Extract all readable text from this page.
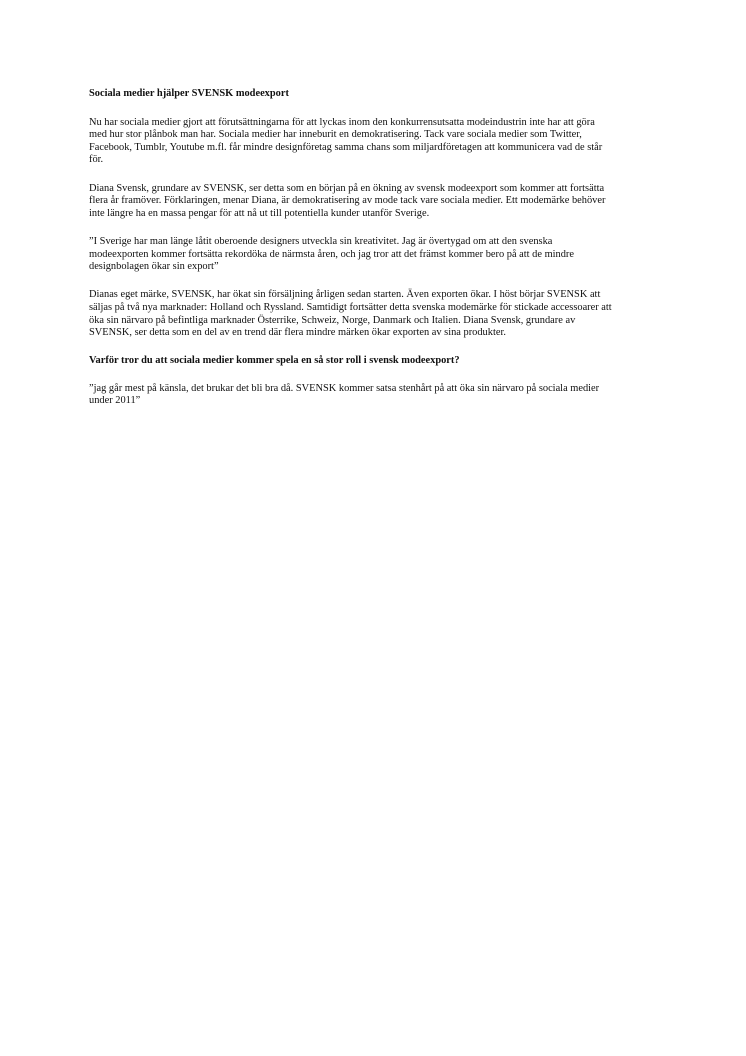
Sociala medier hjälper SVENSK modeexport

Nu har sociala medier gjort att förutsättningarna för att lyckas inom den konkurrensutsatta modeindustrin inte har att göra
med hur stor plånbok man har. Sociala medier har inneburit en demokratisering. Tack vare sociala medier som Twitter,
Facebook, Tumblr, Youtube m.fl. får mindre designföretag samma chans som miljardföretagen att kommunicera vad de står
för.

Diana Svensk, grundare av SVENSK, ser detta som en början på en ökning av svensk modeexport som kommer att fortsätta
flera år framöver. Förklaringen, menar Diana, är demokratisering av mode tack vare sociala medier. Ett modemärke behöver
inte längre ha en massa pengar för att nå ut till potentiella kunder utanför Sverige.

”I Sverige har man länge låtit oberoende designers utveckla sin kreativitet. Jag är övertygad om att den svenska
modeexporten kommer fortsätta rekordöka de närmsta åren, och jag tror att det främst kommer bero på att de mindre
designbolagen ökar sin export”

Dianas eget märke, SVENSK, har ökat sin försäljning årligen sedan starten. Även exporten ökar. I höst börjar SVENSK att
säljas på två nya marknader: Holland och Ryssland. Samtidigt fortsätter detta svenska modemärke för stickade accessoarer att
öka sin närvaro på befintliga marknader Österrike, Schweiz, Norge, Danmark och Italien. Diana Svensk, grundare av
SVENSK, ser detta som en del av en trend där flera mindre märken ökar exporten av sina produkter.

Varför tror du att sociala medier kommer spela en så stor roll i svensk modeexport?

”jag går mest på känsla, det brukar det bli bra då. SVENSK kommer satsa stenhårt på att öka sin närvaro på sociala medier
under 2011”
